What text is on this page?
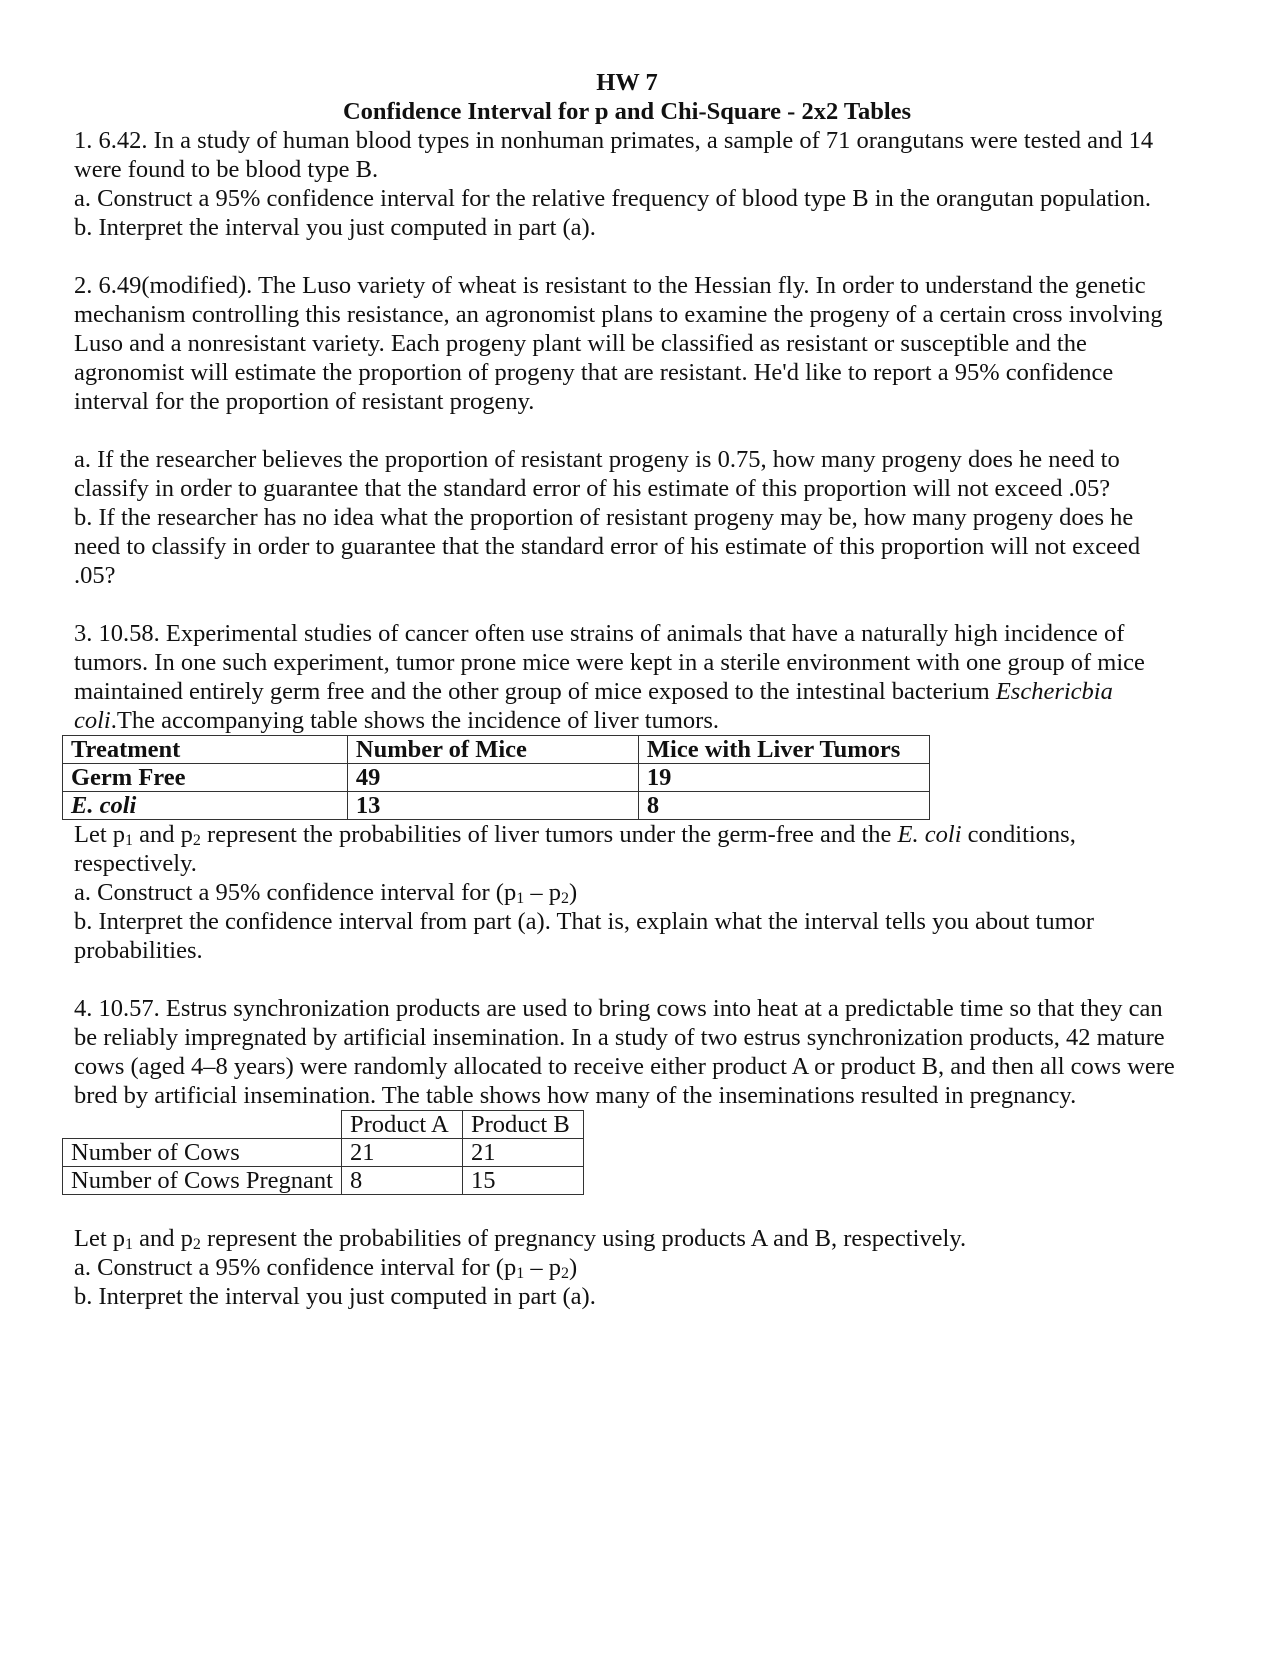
HW 7

Confidence Interval for p and Chi-Square - 2x2 Tables

1. 6.42. In a study of human blood types in nonhuman primates, a sample of 71 orangutans were tested and 14 were found to be blood type B.

a. Construct a 95% confidence interval for the relative frequency of blood type B in the orangutan population.

b. Interpret the interval you just computed in part (a).

2. 6.49(modified). The Luso variety of wheat is resistant to the Hessian fly. In order to understand the genetic mechanism controlling this resistance, an agronomist plans to examine the progeny of a certain cross involving Luso and a nonresistant variety. Each progeny plant will be classified as resistant or susceptible and the agronomist will estimate the proportion of progeny that are resistant. He'd like to report a 95% confidence interval for the proportion of resistant progeny.

a. If the researcher believes the proportion of resistant progeny is 0.75, how many progeny does he need to classify in order to guarantee that the standard error of his estimate of this proportion will not exceed .05?

b. If the researcher has no idea what the proportion of resistant progeny may be, how many progeny does he need to classify in order to guarantee that the standard error of his estimate of this proportion will not exceed .05?

3. 10.58. Experimental studies of cancer often use strains of animals that have a naturally high incidence of tumors. In one such experiment, tumor prone mice were kept in a sterile environment with one group of mice maintained entirely germ free and the other group of mice exposed to the intestinal bacterium Eschericbia coli.The accompanying table shows the incidence of liver tumors.

Treatment	Number of Mice	Mice with Liver Tumors
Germ Free	49	19
E. coli	13	8

Let $p_1$ and $p_2$ represent the probabilities of liver tumors under the germ-free and the E. coli conditions, respectively.

a. Construct a 95% confidence interval for $(p_1 - p_2)$

b. Interpret the confidence interval from part (a). That is, explain what the interval tells you about tumor probabilities.

4. 10.57. Estrus synchronization products are used to bring cows into heat at a predictable time so that they can be reliably impregnated by artificial insemination. In a study of two estrus synchronization products, 42 mature cows (aged 4–8 years) were randomly allocated to receive either product A or product B, and then all cows were bred by artificial insemination. The table shows how many of the inseminations resulted in pregnancy.

	Product A	Product B
Number of Cows	21	21
Number of Cows Pregnant	8	15

Let $p_1$ and $p_2$ represent the probabilities of pregnancy using products A and B, respectively.

a. Construct a 95% confidence interval for $(p_1 - p_2)$

b. Interpret the interval you just computed in part (a).
